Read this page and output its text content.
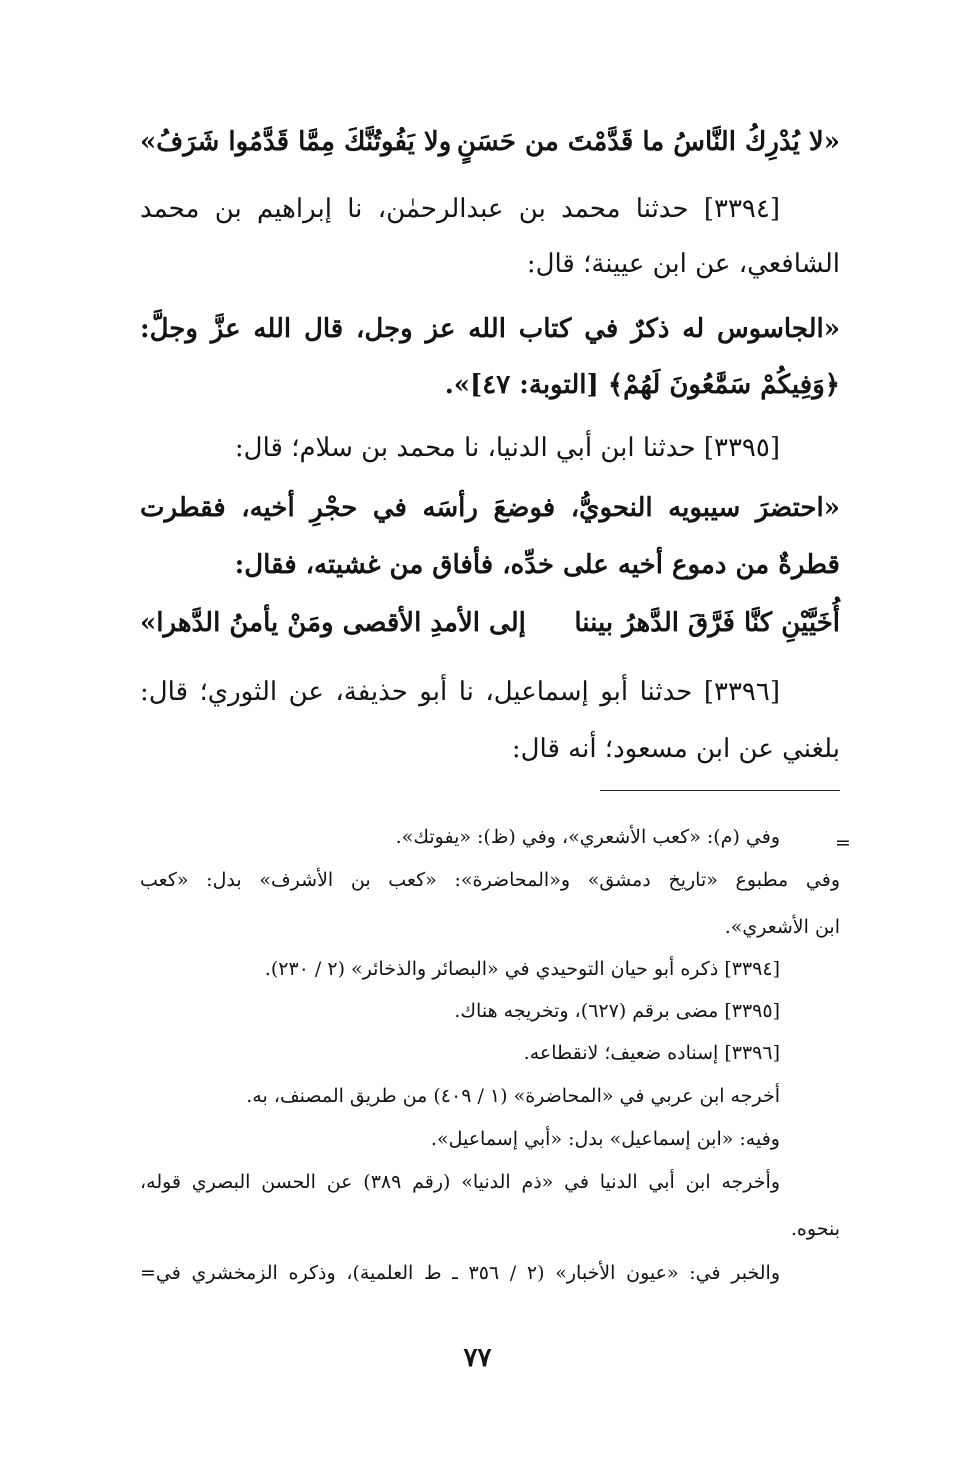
«لا يُدْرِكُ النَّاسُ ما قَدَّمْتَ من حَسَنٍ
ولا يَفُوتُنَّكَ مِمَّا قَدَّمُوا شَرَفُ»
[٣٣٩٤] حدثنا محمد بن عبدالرحمٰن، نا إبراهيم بن محمد
الشافعي، عن ابن عيينة؛ قال:
«الجاسوس له ذكرٌ في كتاب الله عز وجل، قال الله عزَّ وجلَّ:
﴿وَفِيكُمْ سَمَّٰعُونَ لَهُمْ﴾ [التوبة: ٤٧]».
[٣٣٩٥] حدثنا ابن أبي الدنيا، نا محمد بن سلام؛ قال:
«احتضرَ سيبويه النحويُّ، فوضعَ رأسَه في حجْرِ أخيه، فقطرت
قطرةٌ من دموع أخيه على خدِّه، فأفاق من غشيته، فقال:
أُخَيَّيْنِ كنَّا فَرَّقَ الدَّهرُ بيننا
إلى الأمدِ الأقصى ومَنْ يأمنُ الدَّهرا»
[٣٣٩٦] حدثنا أبو إسماعيل، نا أبو حذيفة، عن الثوري؛ قال:
بلغني عن ابن مسعود؛ أنه قال:
=
وفي (م): «كعب الأشعري»، وفي (ظ): «يفوتك».
وفي مطبوع «تاريخ دمشق» و«المحاضرة»: «كعب بن الأشرف» بدل: «كعب
ابن الأشعري».
[٣٣٩٤] ذكره أبو حيان التوحيدي في «البصائر والذخائر» (٢ / ٢٣٠).
[٣٣٩٥] مضى برقم (٦٢٧)، وتخريجه هناك.
[٣٣٩٦] إسناده ضعيف؛ لانقطاعه.
أخرجه ابن عربي في «المحاضرة» (١ / ٤٠٩) من طريق المصنف، به.
وفيه: «ابن إسماعيل» بدل: «أبي إسماعيل».
وأخرجه ابن أبي الدنيا في «ذم الدنيا» (رقم ٣٨٩) عن الحسن البصري قوله،
بنحوه.
والخبر في: «عيون الأخبار» (٢ / ٣٥٦ ـ ط العلمية)، وذكره الزمخشري في=
٧٧
